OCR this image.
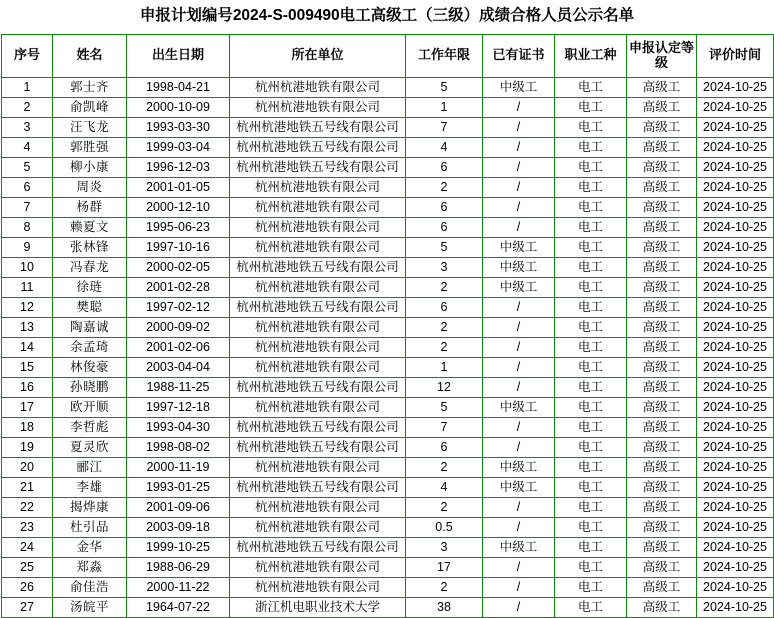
申报计划编号2024-S-009490电工高级工（三级）成绩合格人员公示名单
序号	姓名	出生日期	所在单位	工作年限	已有证书	职业工种	申报认定等级	评价时间
1	郭士齐	1998-04-21	杭州杭港地铁有限公司	5	中级工	电工	高级工	2024-10-25
2	俞凯峰	2000-10-09	杭州杭港地铁有限公司	1	/	电工	高级工	2024-10-25
3	汪飞龙	1993-03-30	杭州杭港地铁五号线有限公司	7	/	电工	高级工	2024-10-25
4	郭胜强	1999-03-04	杭州杭港地铁五号线有限公司	4	/	电工	高级工	2024-10-25
5	柳小康	1996-12-03	杭州杭港地铁五号线有限公司	6	/	电工	高级工	2024-10-25
6	周炎	2001-01-05	杭州杭港地铁有限公司	2	/	电工	高级工	2024-10-25
7	杨群	2000-12-10	杭州杭港地铁有限公司	6	/	电工	高级工	2024-10-25
8	赖夏文	1995-06-23	杭州杭港地铁有限公司	6	/	电工	高级工	2024-10-25
9	张林锋	1997-10-16	杭州杭港地铁有限公司	5	中级工	电工	高级工	2024-10-25
10	冯春龙	2000-02-05	杭州杭港地铁五号线有限公司	3	中级工	电工	高级工	2024-10-25
11	徐琏	2001-02-28	杭州杭港地铁有限公司	2	中级工	电工	高级工	2024-10-25
12	樊聪	1997-02-12	杭州杭港地铁五号线有限公司	6	/	电工	高级工	2024-10-25
13	陶嘉诚	2000-09-02	杭州杭港地铁有限公司	2	/	电工	高级工	2024-10-25
14	余孟琦	2001-02-06	杭州杭港地铁有限公司	2	/	电工	高级工	2024-10-25
15	林俊豪	2003-04-04	杭州杭港地铁有限公司	1	/	电工	高级工	2024-10-25
16	孙晓鹏	1988-11-25	杭州杭港地铁五号线有限公司	12	/	电工	高级工	2024-10-25
17	欧开顺	1997-12-18	杭州杭港地铁有限公司	5	中级工	电工	高级工	2024-10-25
18	李哲彪	1993-04-30	杭州杭港地铁五号线有限公司	7	/	电工	高级工	2024-10-25
19	夏灵欣	1998-08-02	杭州杭港地铁五号线有限公司	6	/	电工	高级工	2024-10-25
20	郦江	2000-11-19	杭州杭港地铁有限公司	2	中级工	电工	高级工	2024-10-25
21	李雄	1993-01-25	杭州杭港地铁五号线有限公司	4	中级工	电工	高级工	2024-10-25
22	揭烨康	2001-09-06	杭州杭港地铁有限公司	2	/	电工	高级工	2024-10-25
23	杜引品	2003-09-18	杭州杭港地铁有限公司	0.5	/	电工	高级工	2024-10-25
24	金华	1999-10-25	杭州杭港地铁五号线有限公司	3	中级工	电工	高级工	2024-10-25
25	郑淼	1988-06-29	杭州杭港地铁有限公司	17	/	电工	高级工	2024-10-25
26	俞佳浩	2000-11-22	杭州杭港地铁有限公司	2	/	电工	高级工	2024-10-25
27	汤皖平	1964-07-22	浙江机电职业技术大学	38	/	电工	高级工	2024-10-25
